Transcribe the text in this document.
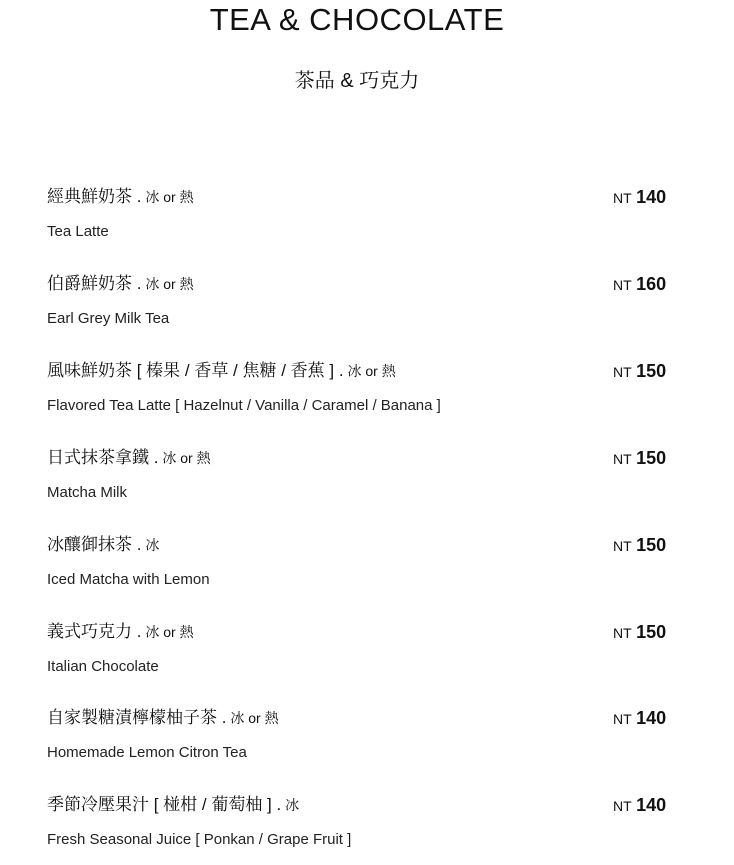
TEA & CHOCOLATE
茶品 & 巧克力
經典鮮奶茶 . 冰 or 熱
Tea Latte
NT 140
伯爵鮮奶茶 . 冰 or 熱
Earl Grey Milk Tea
NT 160
風味鮮奶茶 [ 榛果 / 香草 / 焦糖 / 香蕉 ] . 冰 or 熱
Flavored Tea Latte [ Hazelnut / Vanilla / Caramel / Banana ]
NT 150
日式抹茶拿鐵 . 冰 or 熱
Matcha Milk
NT 150
冰釀御抹茶 . 冰
Iced Matcha with Lemon
NT 150
義式巧克力 . 冰 or 熱
Italian Chocolate
NT 150
自家製糖漬檸檬柚子茶 . 冰 or 熱
Homemade Lemon Citron Tea
NT 140
季節冷壓果汁 [ 椪柑 / 葡萄柚 ] . 冰
Fresh Seasonal Juice [ Ponkan / Grape Fruit ]
NT 140
